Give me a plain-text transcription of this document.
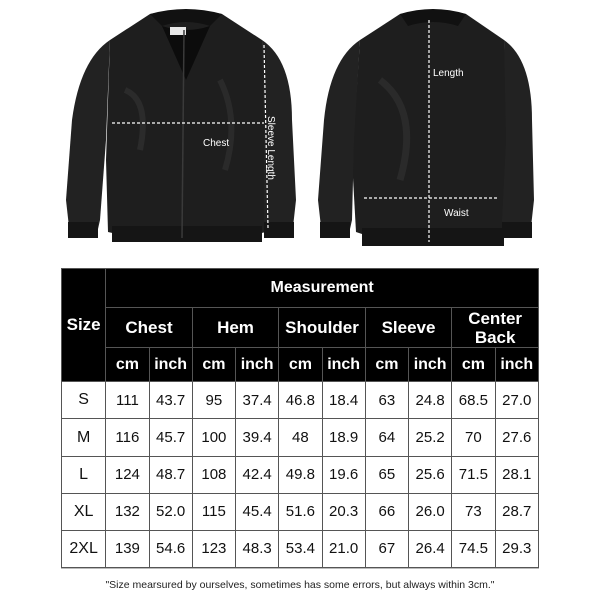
Chest	Sleeve Length
Length
Waist
Size	Measurement									
	Chest		Hem		Shoulder		Sleeve		Center
Back	
	cm	inch	cm	inch	cm	inch	cm	inch	cm	inch
S	111	43.7	95	37.4	46.8	18.4	63	24.8	68.5	27.0
M	116	45.7	100	39.4	48	18.9	64	25.2	70	27.6
L	124	48.7	108	42.4	49.8	19.6	65	25.6	71.5	28.1
XL	132	52.0	115	45.4	51.6	20.3	66	26.0	73	28.7
2XL	139	54.6	123	48.3	53.4	21.0	67	26.4	74.5	29.3
"Size mearsured by ourselves, sometimes has some errors, but always within 3cm."
